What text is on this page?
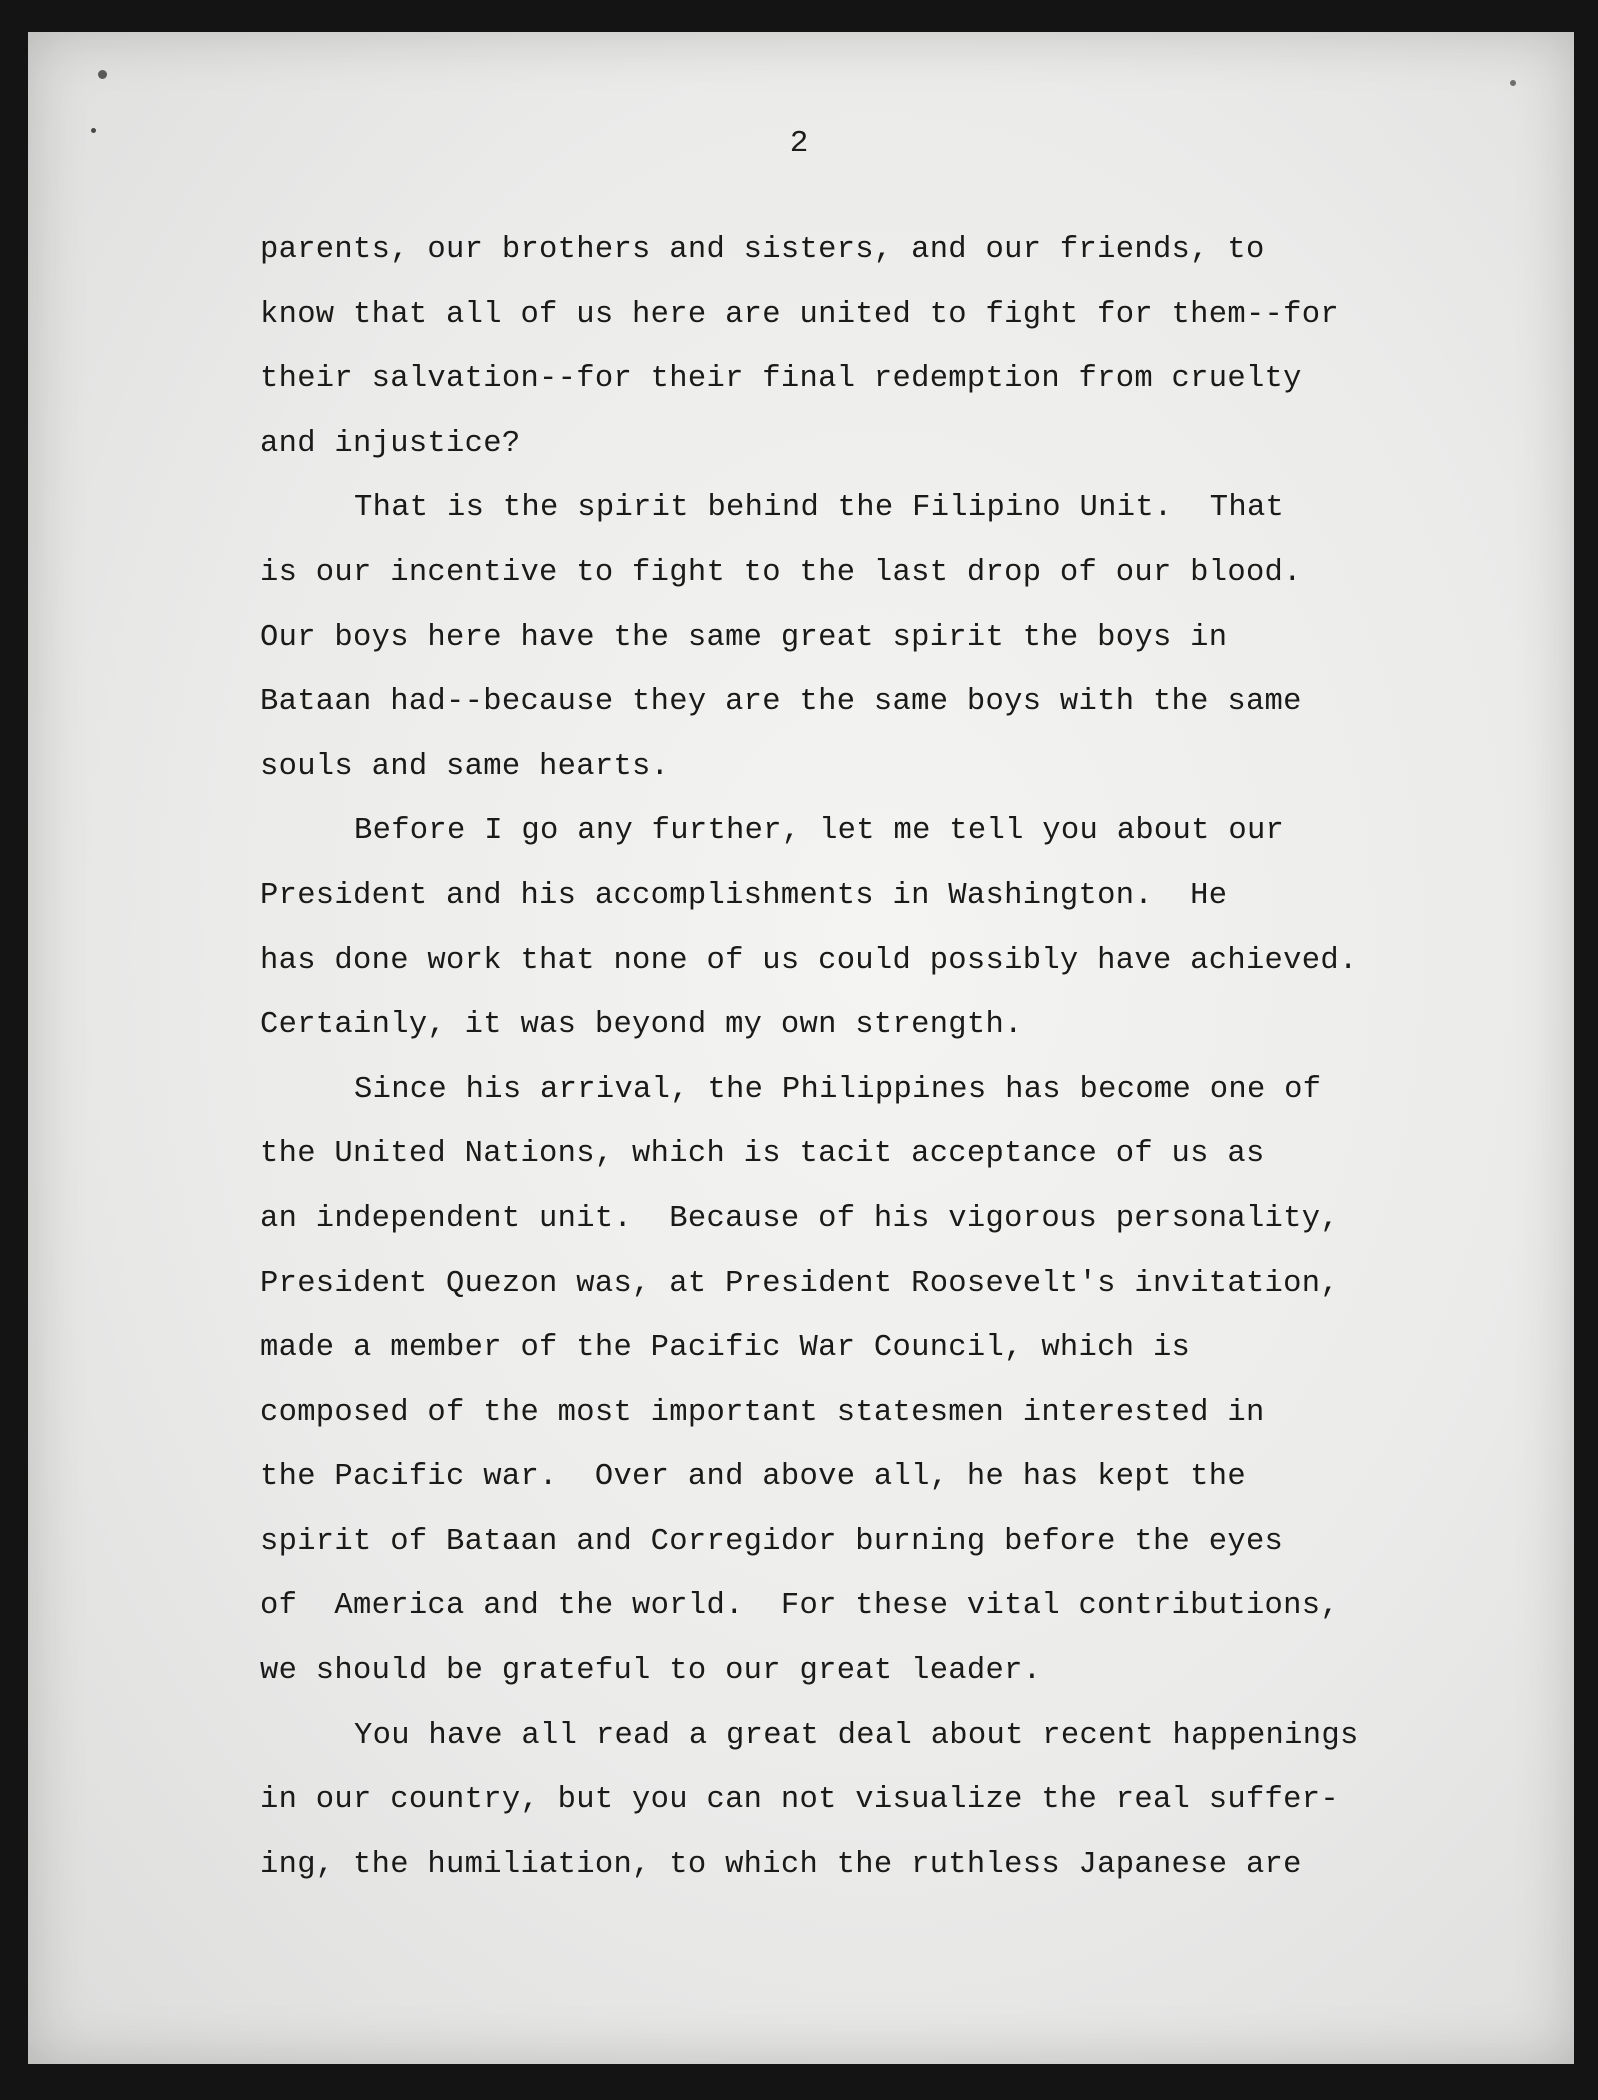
2
parents, our brothers and sisters, and our friends, to
know that all of us here are united to fight for them--for
their salvation--for their final redemption from cruelty
and injustice?
That is the spirit behind the Filipino Unit.  That
is our incentive to fight to the last drop of our blood.
Our boys here have the same great spirit the boys in
Bataan had--because they are the same boys with the same
souls and same hearts.
Before I go any further, let me tell you about our
President and his accomplishments in Washington.  He
has done work that none of us could possibly have achieved.
Certainly, it was beyond my own strength.
Since his arrival, the Philippines has become one of
the United Nations, which is tacit acceptance of us as
an independent unit.  Because of his vigorous personality,
President Quezon was, at President Roosevelt's invitation,
made a member of the Pacific War Council, which is
composed of the most important statesmen interested in
the Pacific war.  Over and above all, he has kept the
spirit of Bataan and Corregidor burning before the eyes
of  America and the world.  For these vital contributions,
we should be grateful to our great leader.
You have all read a great deal about recent happenings
in our country, but you can not visualize the real suffer-
ing, the humiliation, to which the ruthless Japanese are
